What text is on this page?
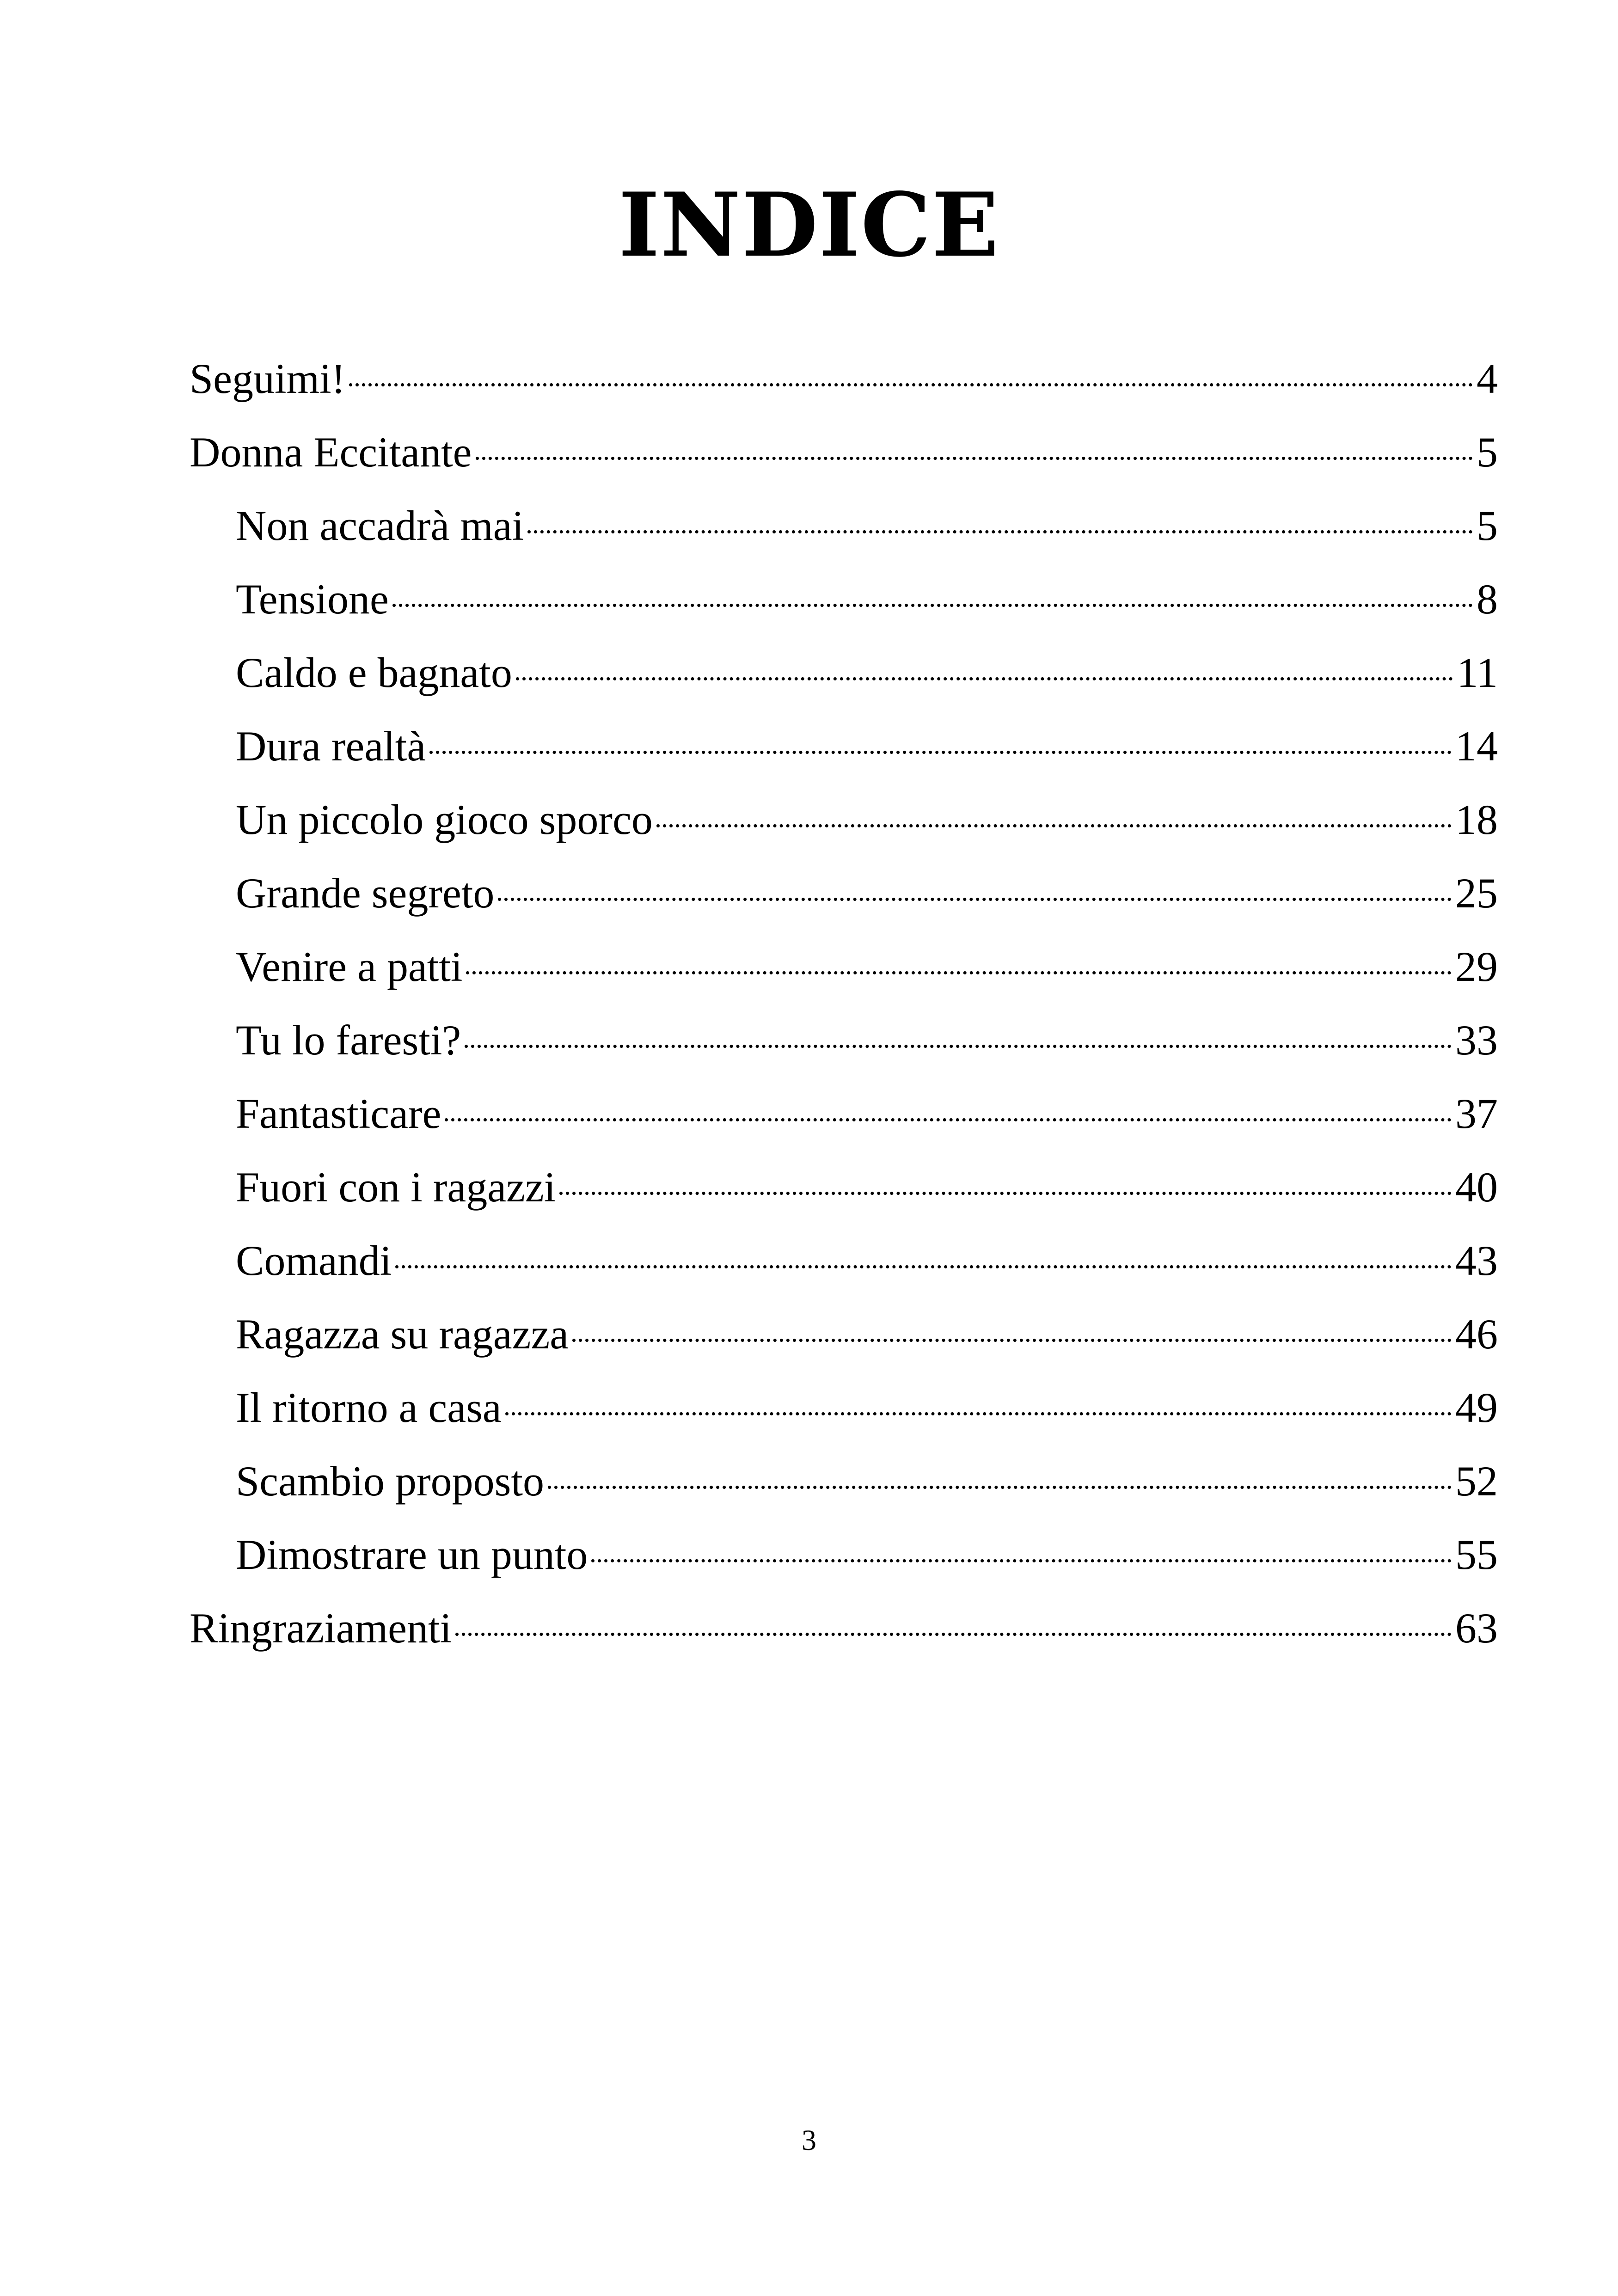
INDICE
Seguimi!	4
Donna Eccitante	5
Non accadrà mai	5
Tensione	8
Caldo e bagnato	11
Dura realtà	14
Un piccolo gioco sporco	18
Grande segreto	25
Venire a patti	29
Tu lo faresti?	33
Fantasticare	37
Fuori con i ragazzi	40
Comandi	43
Ragazza su ragazza	46
Il ritorno a casa	49
Scambio proposto	52
Dimostrare un punto	55
Ringraziamenti	63
3
